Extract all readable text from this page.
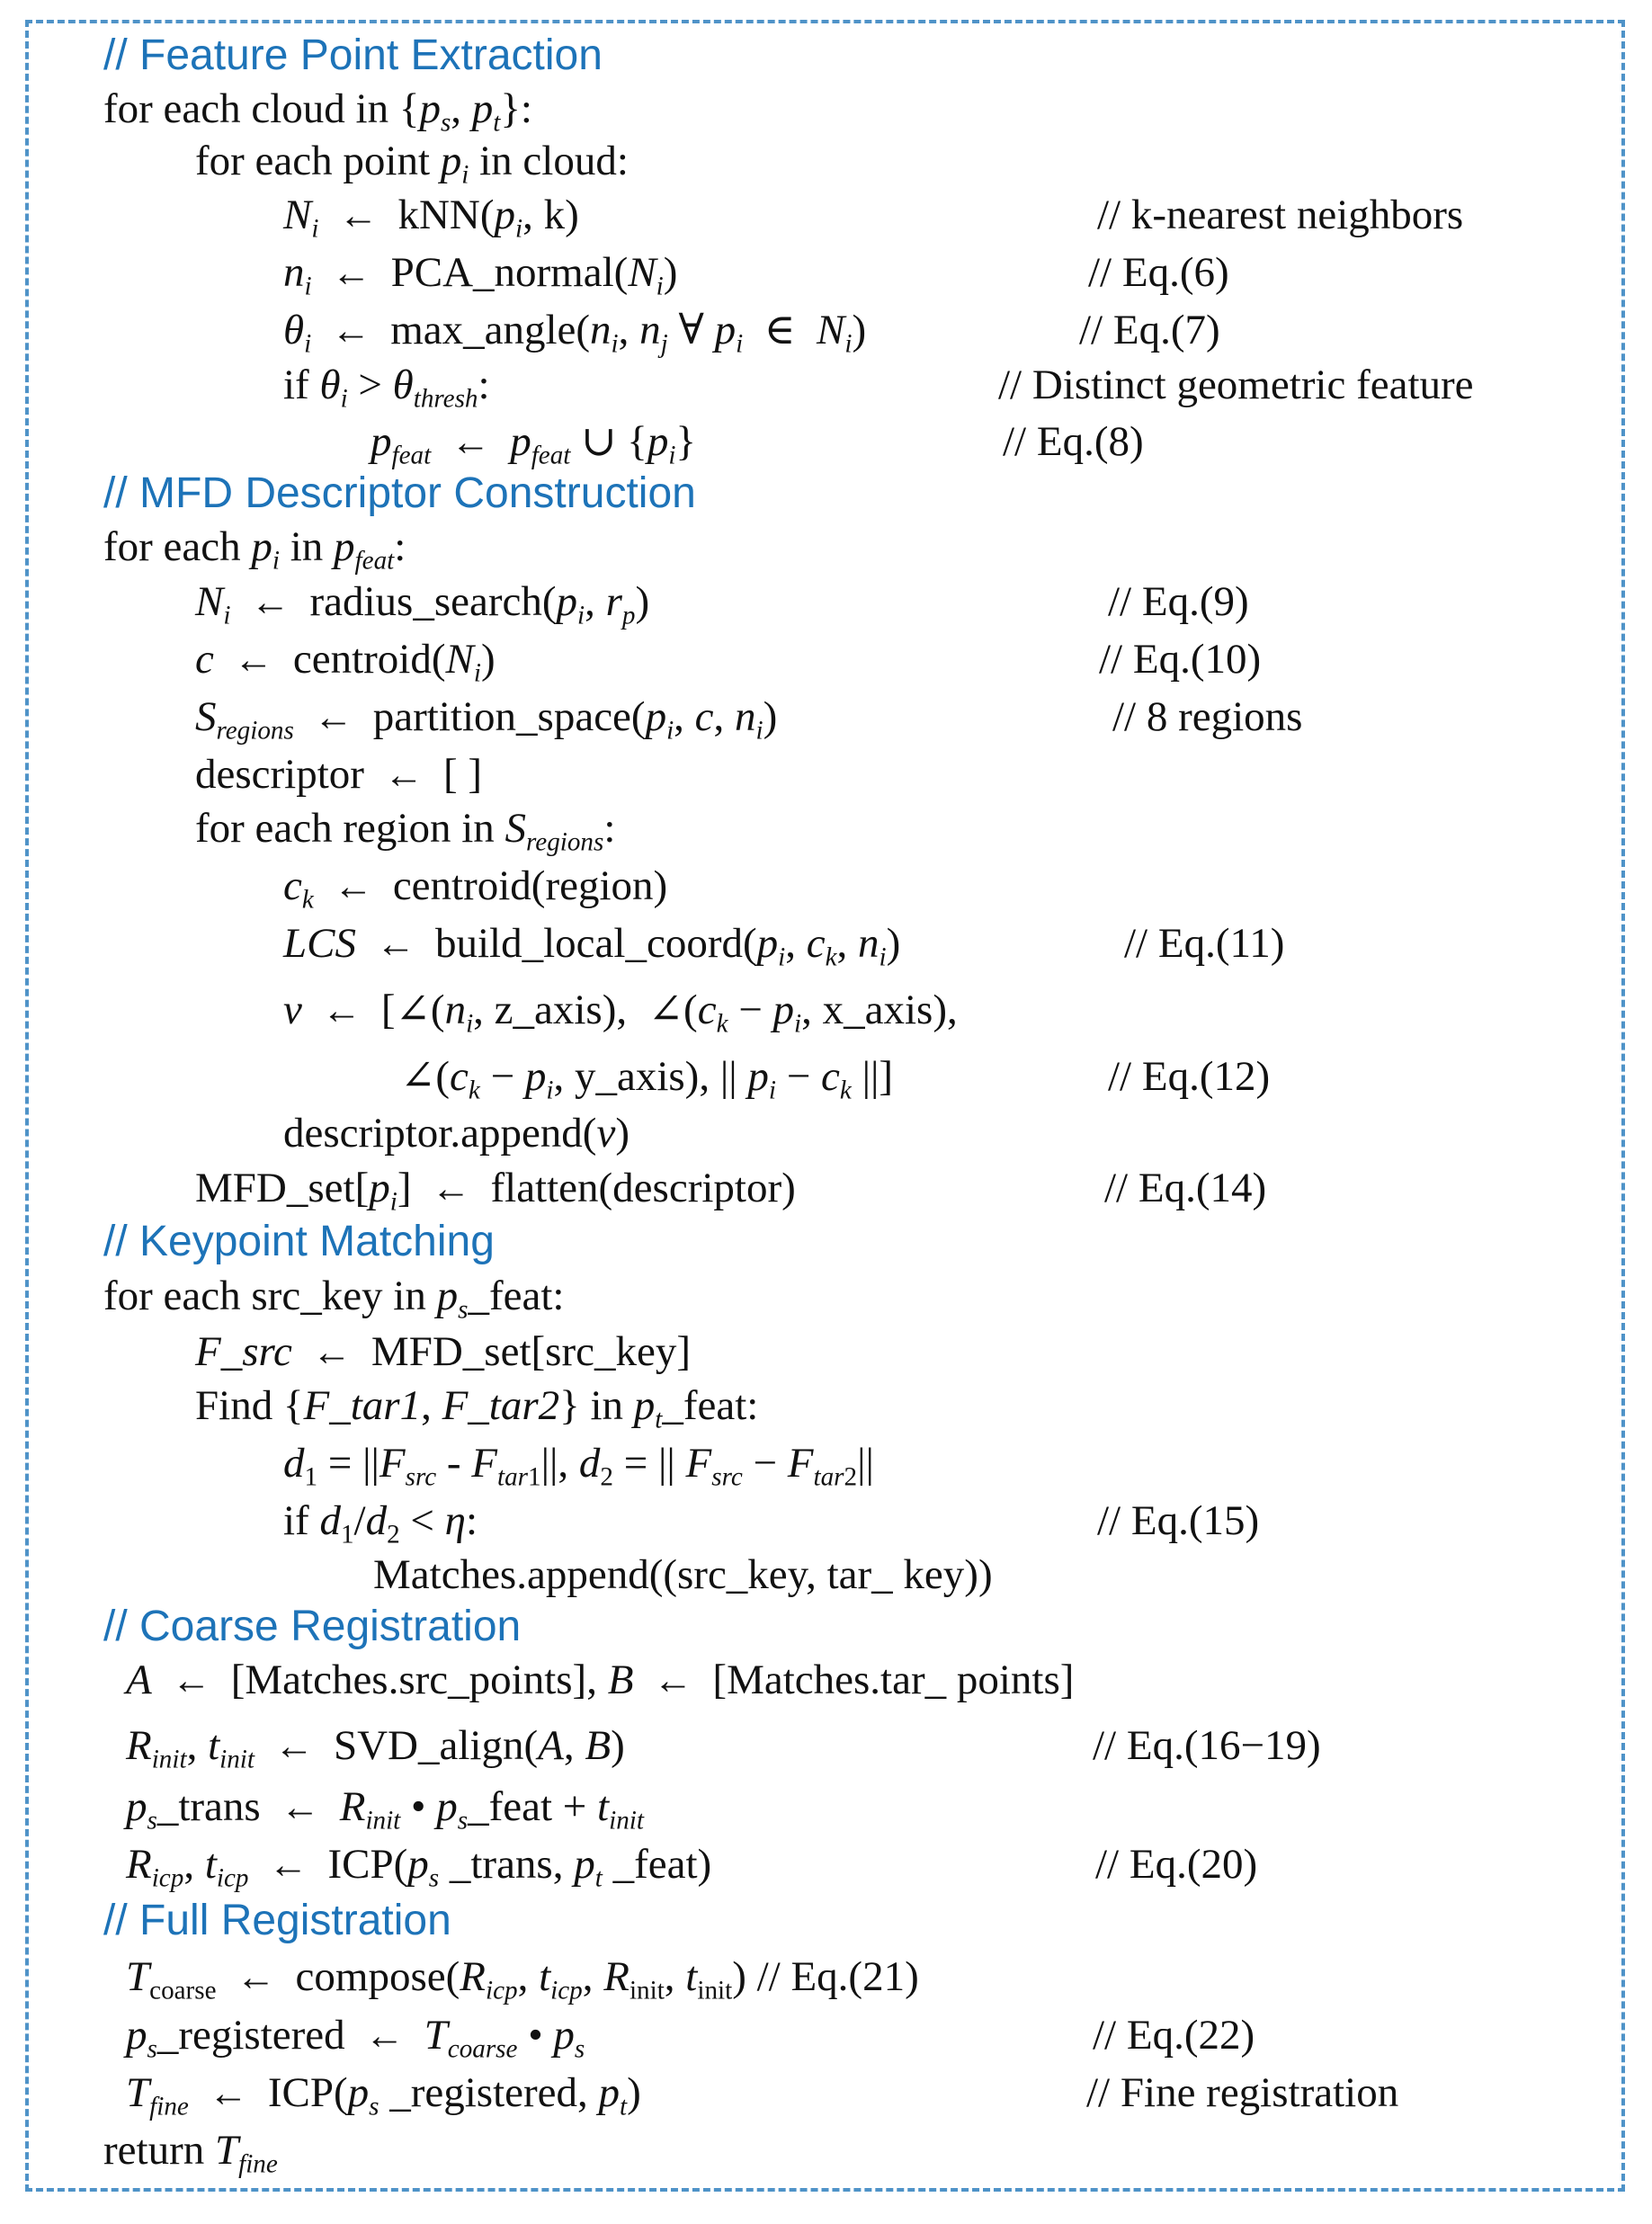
// Feature Point Extraction
for each cloud in {$p_s$, $p_t$}:
for each point $p_i$ in cloud:
$N_i$ ← $kNN(p_i$, k)	// k-nearest neighbors
$n_i$ ← $PCA\_normal(N_i)$	// Eq.(6)
$\theta_i$ ← $\max\_angle(n_i$, $n_j$ ∀ $p_i$  ∈  $N_i$)	// Eq.(7)
if $\theta_i > \theta_{thresh}$:	// Distinct geometric feature
$p_{feat}$ ← $p_{feat}$ ∪ $\{p_i\}$	// Eq.(8)
// MFD Descriptor Construction
for each $p_i$ in $p_{feat}$:
$N_i$ ← $radius\_search(p_i$, $r_p$)	// Eq.(9)
c ← $centroid(N_i)$	// Eq.(10)
$S_{regions}$ ← $partition\_space(p_i$, c, $n_i$)	// 8 regions
descriptor ← [ ]
for each region in $S_{regions}$:
$c_k$ ← centroid(region)
LCS ← $build\_local\_coord(p_i$, $c_k$, $n_i$)	// Eq.(11)
v ← [$\angle(n_i$, z_axis),  $\angle(c_k - p_i$, x_axis),
$\angle(c_k - p_i$, y_axis), || $p_i - c_k$ ||]	// Eq.(12)
descriptor.append(v)
$MFD\_set[p_i]$ ← flatten(descriptor)	// Eq.(14)
// Keypoint Matching
for each src_key in $p_s\_feat$:
F_src ← MFD_set[src_key]
Find {F_tar1, F_tar2} in $p_t\_feat$:
$d_1 = ||F_{src} - F_{tar1}||$, $d_2$ = || $F_{src} - F_{tar2}||$
if $d_1/d_2 < \eta$:	// Eq.(15)
Matches.append((src_key, tar_ key))
// Coarse Registration
A ← [Matches.src_points], B ← [Matches.tar_ points]
$R_{init}$, $t_{init}$ ← SVD_align(A, B)	// Eq.(16−19)
$p_s\_trans$ ← $R_{init}$ • $p_s\_feat + t_{init}$
$R_{icp}$, $t_{icp}$ ← $ICP(p_s$ _trans, $p_t$ _feat)	// Eq.(20)
// Full Registration
$T_{coarse}$ ← $compose(R_{icp}$, $t_{icp}$, $R_{init}$, $t_{init}) // Eq.(21)$
$p_s\_registered$ ← $T_{coarse}$ • $p_s$	// Eq.(22)
$T_{fine}$ ← $ICP(p_s$ _registered, $p_t$)	// Fine registration
return $T_{fine}$
